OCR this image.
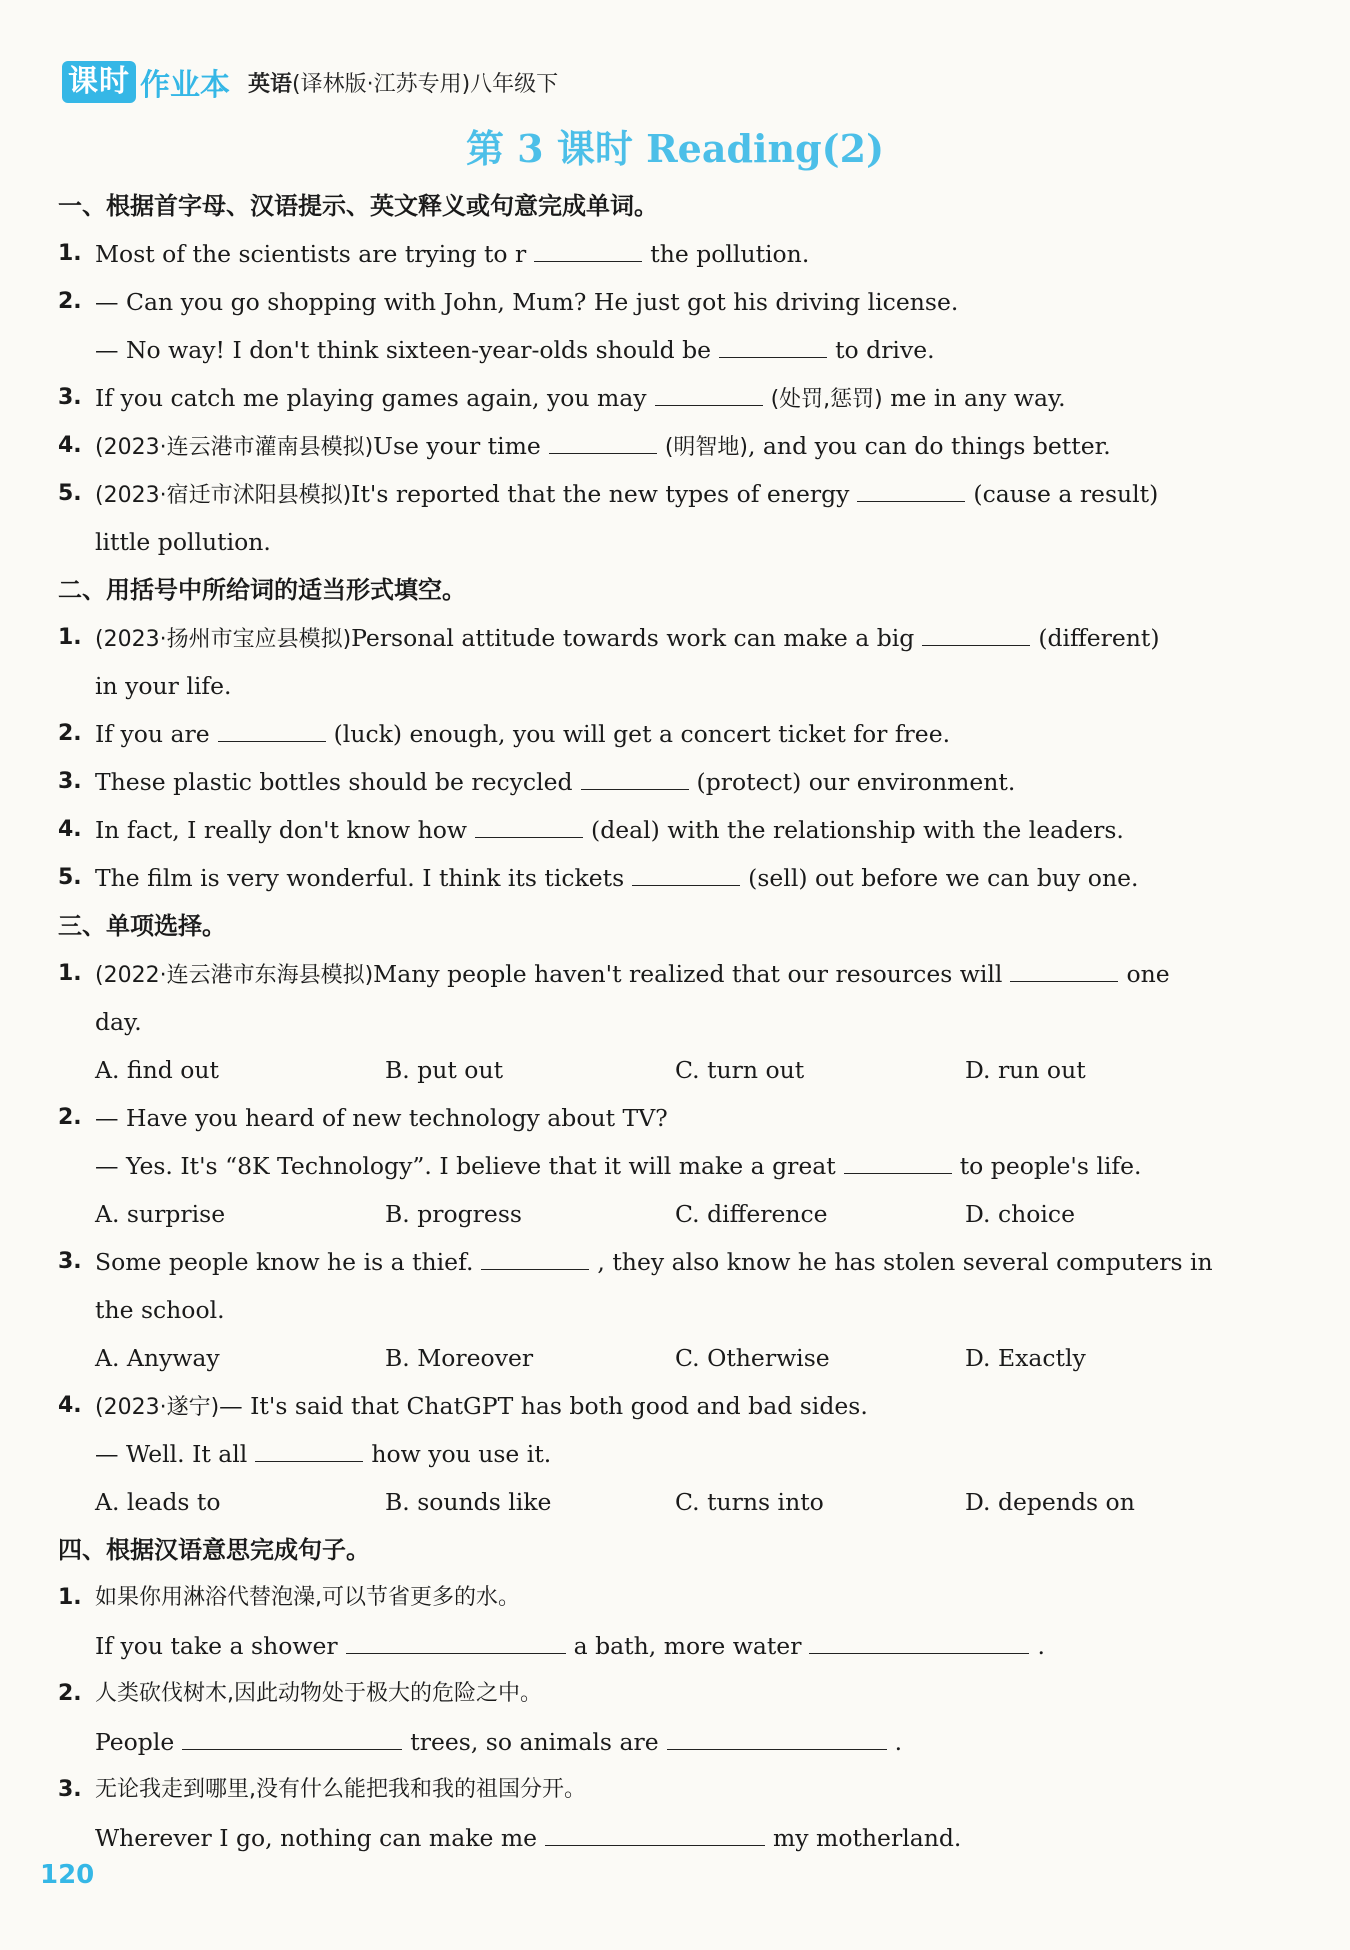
课时 作业本 英语(译林版·江苏专用)八年级下
第 3 课时 Reading(2)
一、根据首字母、汉语提示、英文释义或句意完成单词。
1. Most of the scientists are trying to r	the pollution.
2. — Can you go shopping with John, Mum? He just got his driving license.
— No way! I don't think sixteen-year-olds should be	to drive.
3. If you catch me playing games again, you may	(处罚,惩罚) me in any way.
4. (2023·连云港市灌南县模拟)Use your time	(明智地), and you can do things better.
5. (2023·宿迁市沭阳县模拟)It's reported that the new types of energy	(cause a result)
little pollution.
二、用括号中所给词的适当形式填空。
1. (2023·扬州市宝应县模拟)Personal attitude towards work can make a big	(different)
in your life.
2. If you are	(luck) enough, you will get a concert ticket for free.
3. These plastic bottles should be recycled	(protect) our environment.
4. In fact, I really don't know how	(deal) with the relationship with the leaders.
5. The film is very wonderful. I think its tickets	(sell) out before we can buy one.
三、单项选择。
1. (2022·连云港市东海县模拟)Many people haven't realized that our resources will	one
day.
A. find out	B. put out	C. turn out	D. run out
2. — Have you heard of new technology about TV?
— Yes. It's “8K Technology”. I believe that it will make a great	to people's life.
A. surprise	B. progress	C. difference	D. choice
3. Some people know he is a thief.	, they also know he has stolen several computers in
the school.
A. Anyway	B. Moreover	C. Otherwise	D. Exactly
4. (2023·遂宁)— It's said that ChatGPT has both good and bad sides.
— Well. It all	how you use it.
A. leads to	B. sounds like	C. turns into	D. depends on
四、根据汉语意思完成句子。
1. 如果你用淋浴代替泡澡,可以节省更多的水。
If you take a shower	a bath, more water	.
2. 人类砍伐树木,因此动物处于极大的危险之中。
People	trees, so animals are	.
3. 无论我走到哪里,没有什么能把我和我的祖国分开。
Wherever I go, nothing can make me	my motherland.
120
